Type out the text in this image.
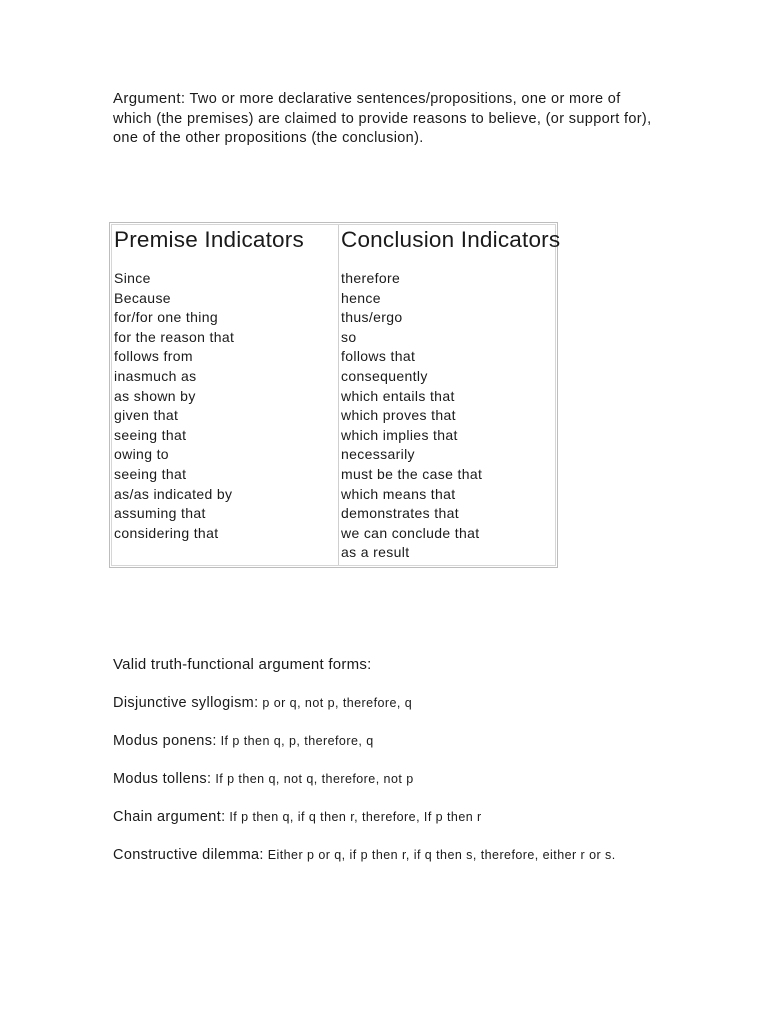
Argument: Two or more declarative sentences/propositions, one or more of which (the premises) are claimed to provide reasons to believe, (or support for), one of the other propositions (the conclusion).
Premise Indicators
Since
Because
for/for one thing
for the reason that
follows from
inasmuch as
as shown by
given that
seeing that
owing to
seeing that
as/as indicated by
assuming that
considering that
Conclusion Indicators
therefore
hence
thus/ergo
so
follows that
consequently
which entails that
which proves that
which implies that
necessarily
must be the case that
which means that
demonstrates that
we can conclude that
as a result

Valid truth-functional argument forms:

Disjunctive syllogism: p or q, not p, therefore, q

Modus ponens: If p then q, p, therefore, q

Modus tollens: If p then q, not q, therefore, not p

Chain argument: If p then q, if q then r, therefore, If p then r

Constructive dilemma: Either p or q, if p then r, if q then s, therefore, either r or s.
